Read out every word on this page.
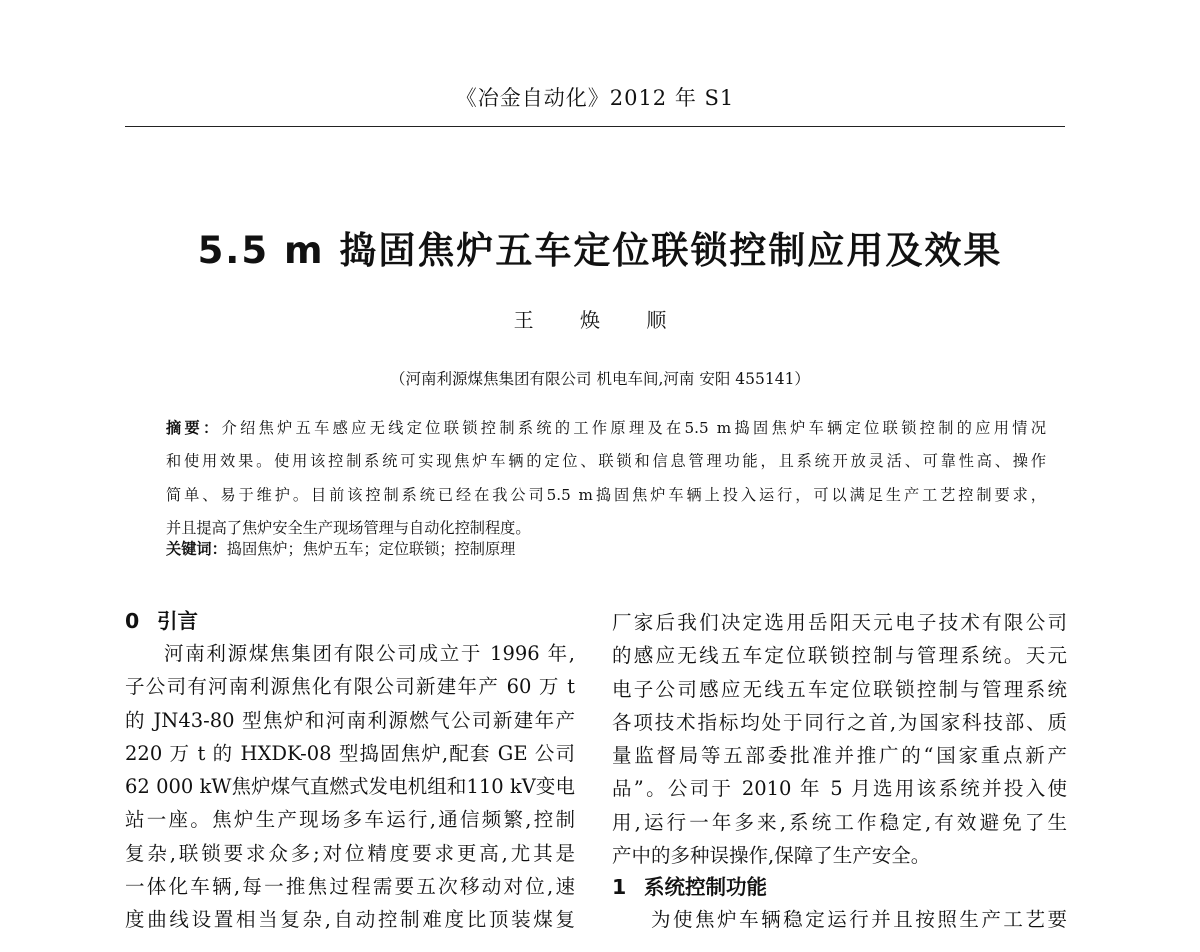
《冶金自动化》2012 年 S1
5.5 m 捣固焦炉五车定位联锁控制应用及效果
王 焕 顺
（河南利源煤焦集团有限公司 机电车间,河南 安阳 455141）

摘要：介绍焦炉五车感应无线定位联锁控制系统的工作原理及在5.5 m捣固焦炉车辆定位联锁控制的应用情况

和使用效果。使用该控制系统可实现焦炉车辆的定位、联锁和信息管理功能，且系统开放灵活、可靠性高、操作

简单、易于维护。目前该控制系统已经在我公司5.5 m捣固焦炉车辆上投入运行，可以满足生产工艺控制要求，

并且提高了焦炉安全生产现场管理与自动化控制程度。

关键词：捣固焦炉；焦炉五车；定位联锁；控制原理
0 引言
河南利源煤焦集团有限公司成立于 1996 年,
子公司有河南利源焦化有限公司新建年产 60 万 t
的 JN43-80 型焦炉和河南利源燃气公司新建年产
220 万 t 的 HXDK-08 型捣固焦炉,配套 GE 公司
62 000 kW焦炉煤气直燃式发电机组和110 kV变电
站一座。焦炉生产现场多车运行,通信频繁,控制
复杂,联锁要求众多;对位精度要求更高,尤其是
一体化车辆,每一推焦过程需要五次移动对位,速
度曲线设置相当复杂,自动控制难度比顶装煤复
厂家后我们决定选用岳阳天元电子技术有限公司
的感应无线五车定位联锁控制与管理系统。天元
电子公司感应无线五车定位联锁控制与管理系统
各项技术指标均处于同行之首,为国家科技部、质
量监督局等五部委批准并推广的“国家重点新产
品”。公司于 2010 年 5 月选用该系统并投入使
用,运行一年多来,系统工作稳定,有效避免了生
产中的多种误操作,保障了生产安全。
1 系统控制功能
为使焦炉车辆稳定运行并且按照生产工艺要
